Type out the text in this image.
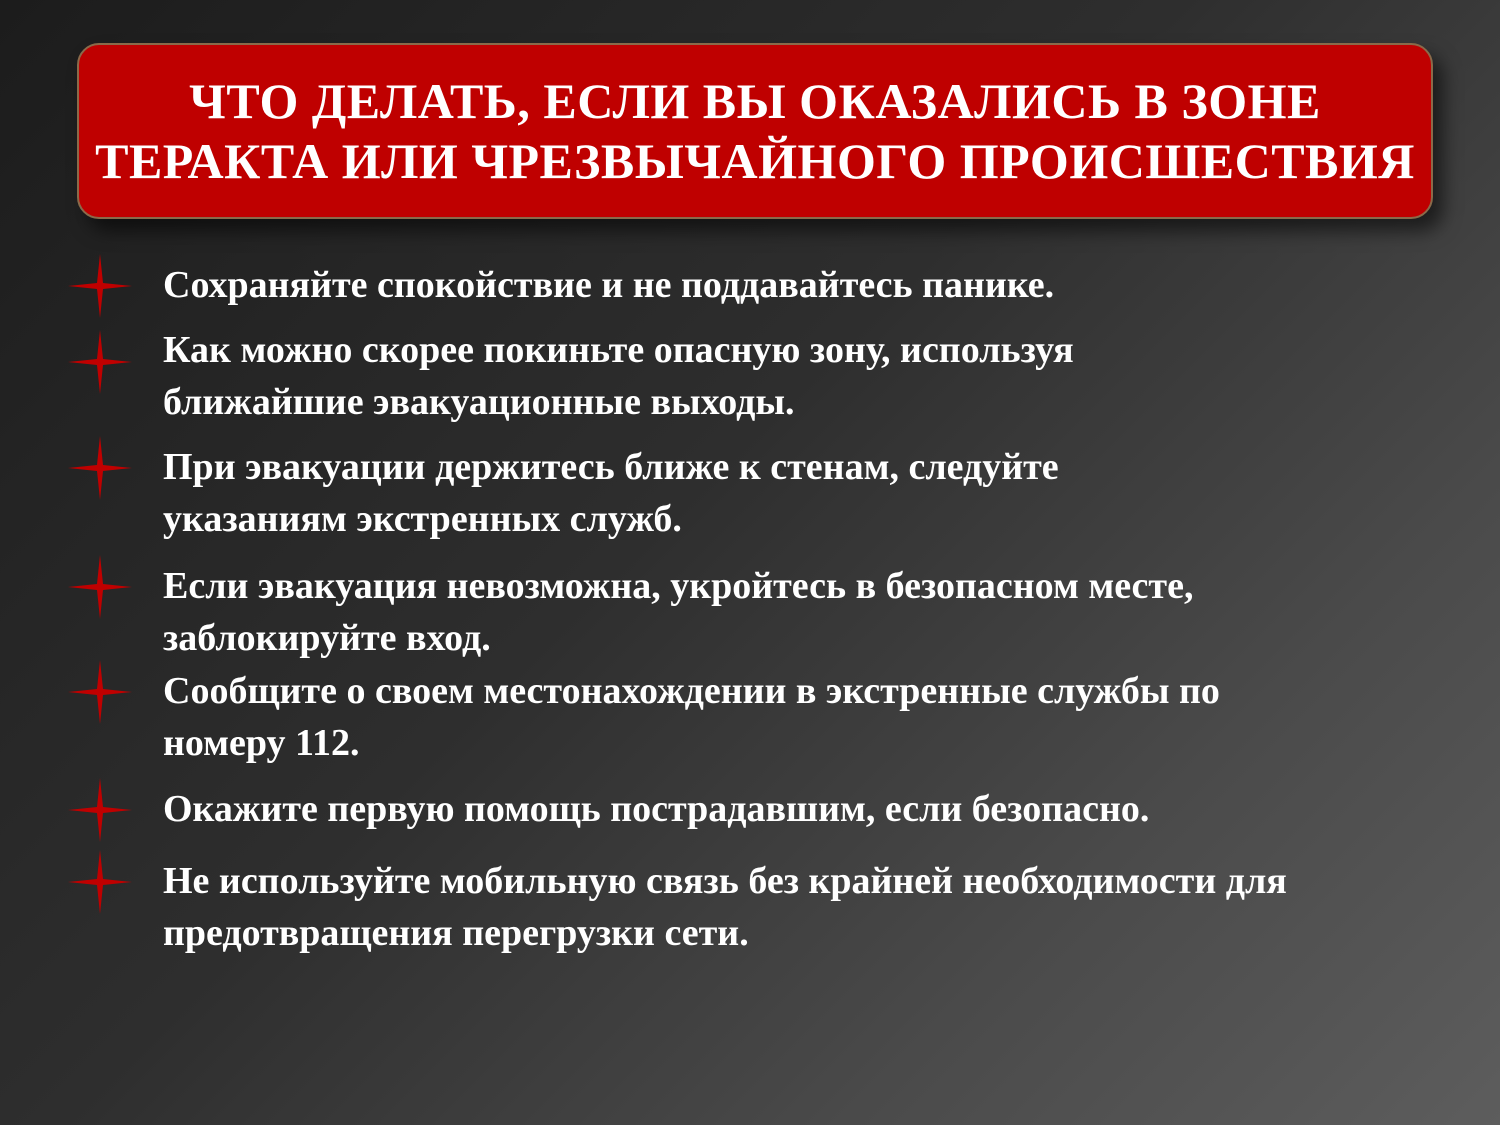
ЧТО ДЕЛАТЬ, ЕСЛИ ВЫ ОКАЗАЛИСЬ В ЗОНЕ
ТЕРАКТА ИЛИ ЧРЕЗВЫЧАЙНОГО ПРОИСШЕСТВИЯ
Сохраняйте спокойствие и не поддавайтесь панике.
Как можно скорее покиньте опасную зону, используя
ближайшие эвакуационные выходы.
При эвакуации держитесь ближе к стенам, следуйте
указаниям экстренных служб.
Если эвакуация невозможна, укройтесь в безопасном месте,
заблокируйте вход.
Сообщите о своем местонахождении в экстренные службы по
номеру 112.
Окажите первую помощь пострадавшим, если безопасно.
Не используйте мобильную связь без крайней необходимости для
предотвращения перегрузки сети.
